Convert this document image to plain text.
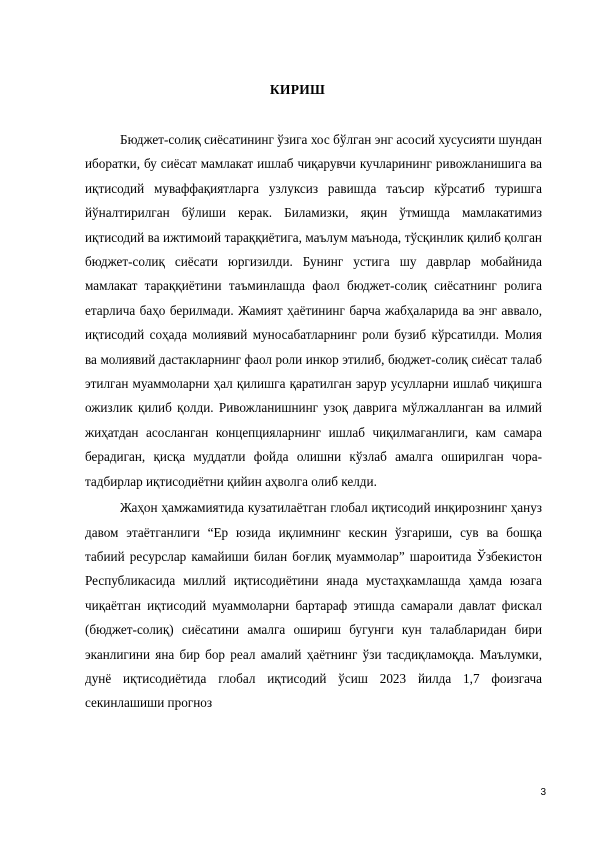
КИРИШ

Бюджет-солиқ сиёсатининг ўзига хос бўлган энг асосий хусусияти шундан иборатки, бу сиёсат мамлакат ишлаб чиқарувчи кучларининг ривожланишига ва иқтисодий муваффақиятларга узлуксиз равишда таъсир кўрсатиб туришга йўналтирилган бўлиши керак. Биламизки, яқин ўтмишда мамлакатимиз иқтисодий ва ижтимоий тараққиётига, маълум маънода, тўсқинлик қилиб қолган бюджет-солиқ сиёсати юргизилди. Бунинг устига шу даврлар мобайнида мамлакат тараққиётини таъминлашда фаол бюджет-солиқ сиёсатнинг ролига етарлича баҳо берилмади. Жамият ҳаётининг барча жабҳаларида ва энг аввало, иқтисодий соҳада молиявий муносабатларнинг роли бузиб кўрсатилди. Молия ва молиявий дастакларнинг фаол роли инкор этилиб, бюджет-солиқ сиёсат талаб этилган муаммоларни ҳал қилишга қаратилган зарур усулларни ишлаб чиқишга ожизлик қилиб қолди. Ривожланишнинг узоқ даврига мўлжалланган ва илмий жиҳатдан асосланган концепцияларнинг ишлаб чиқилмаганлиги, кам самара берадиган, қисқа муддатли фойда олишни кўзлаб амалга оширилган чора-тадбирлар иқтисодиётни қийин аҳволга олиб келди.

Жаҳон ҳамжамиятида кузатилаётган глобал иқтисодий инқирознинг ҳануз давом этаётганлиги “Ер юзида иқлимнинг кескин ўзгариши, сув ва бошқа табиий ресурслар камайиши билан боғлиқ муаммолар” шароитида Ўзбекистон Республикасида миллий иқтисодиётини янада мустаҳкамлашда ҳамда юзага чиқаётган иқтисодий муаммоларни бартараф этишда самарали давлат фискал (бюджет-солиқ) сиёсатини амалга ошириш бугунги кун талабларидан бири эканлигини яна бир бор реал амалий ҳаётнинг ўзи тасдиқламоқда. Маълумки, дунё иқтисодиётида глобал иқтисодий ўсиш 2023 йилда 1,7 фоизгача секинлашиши прогноз

3
